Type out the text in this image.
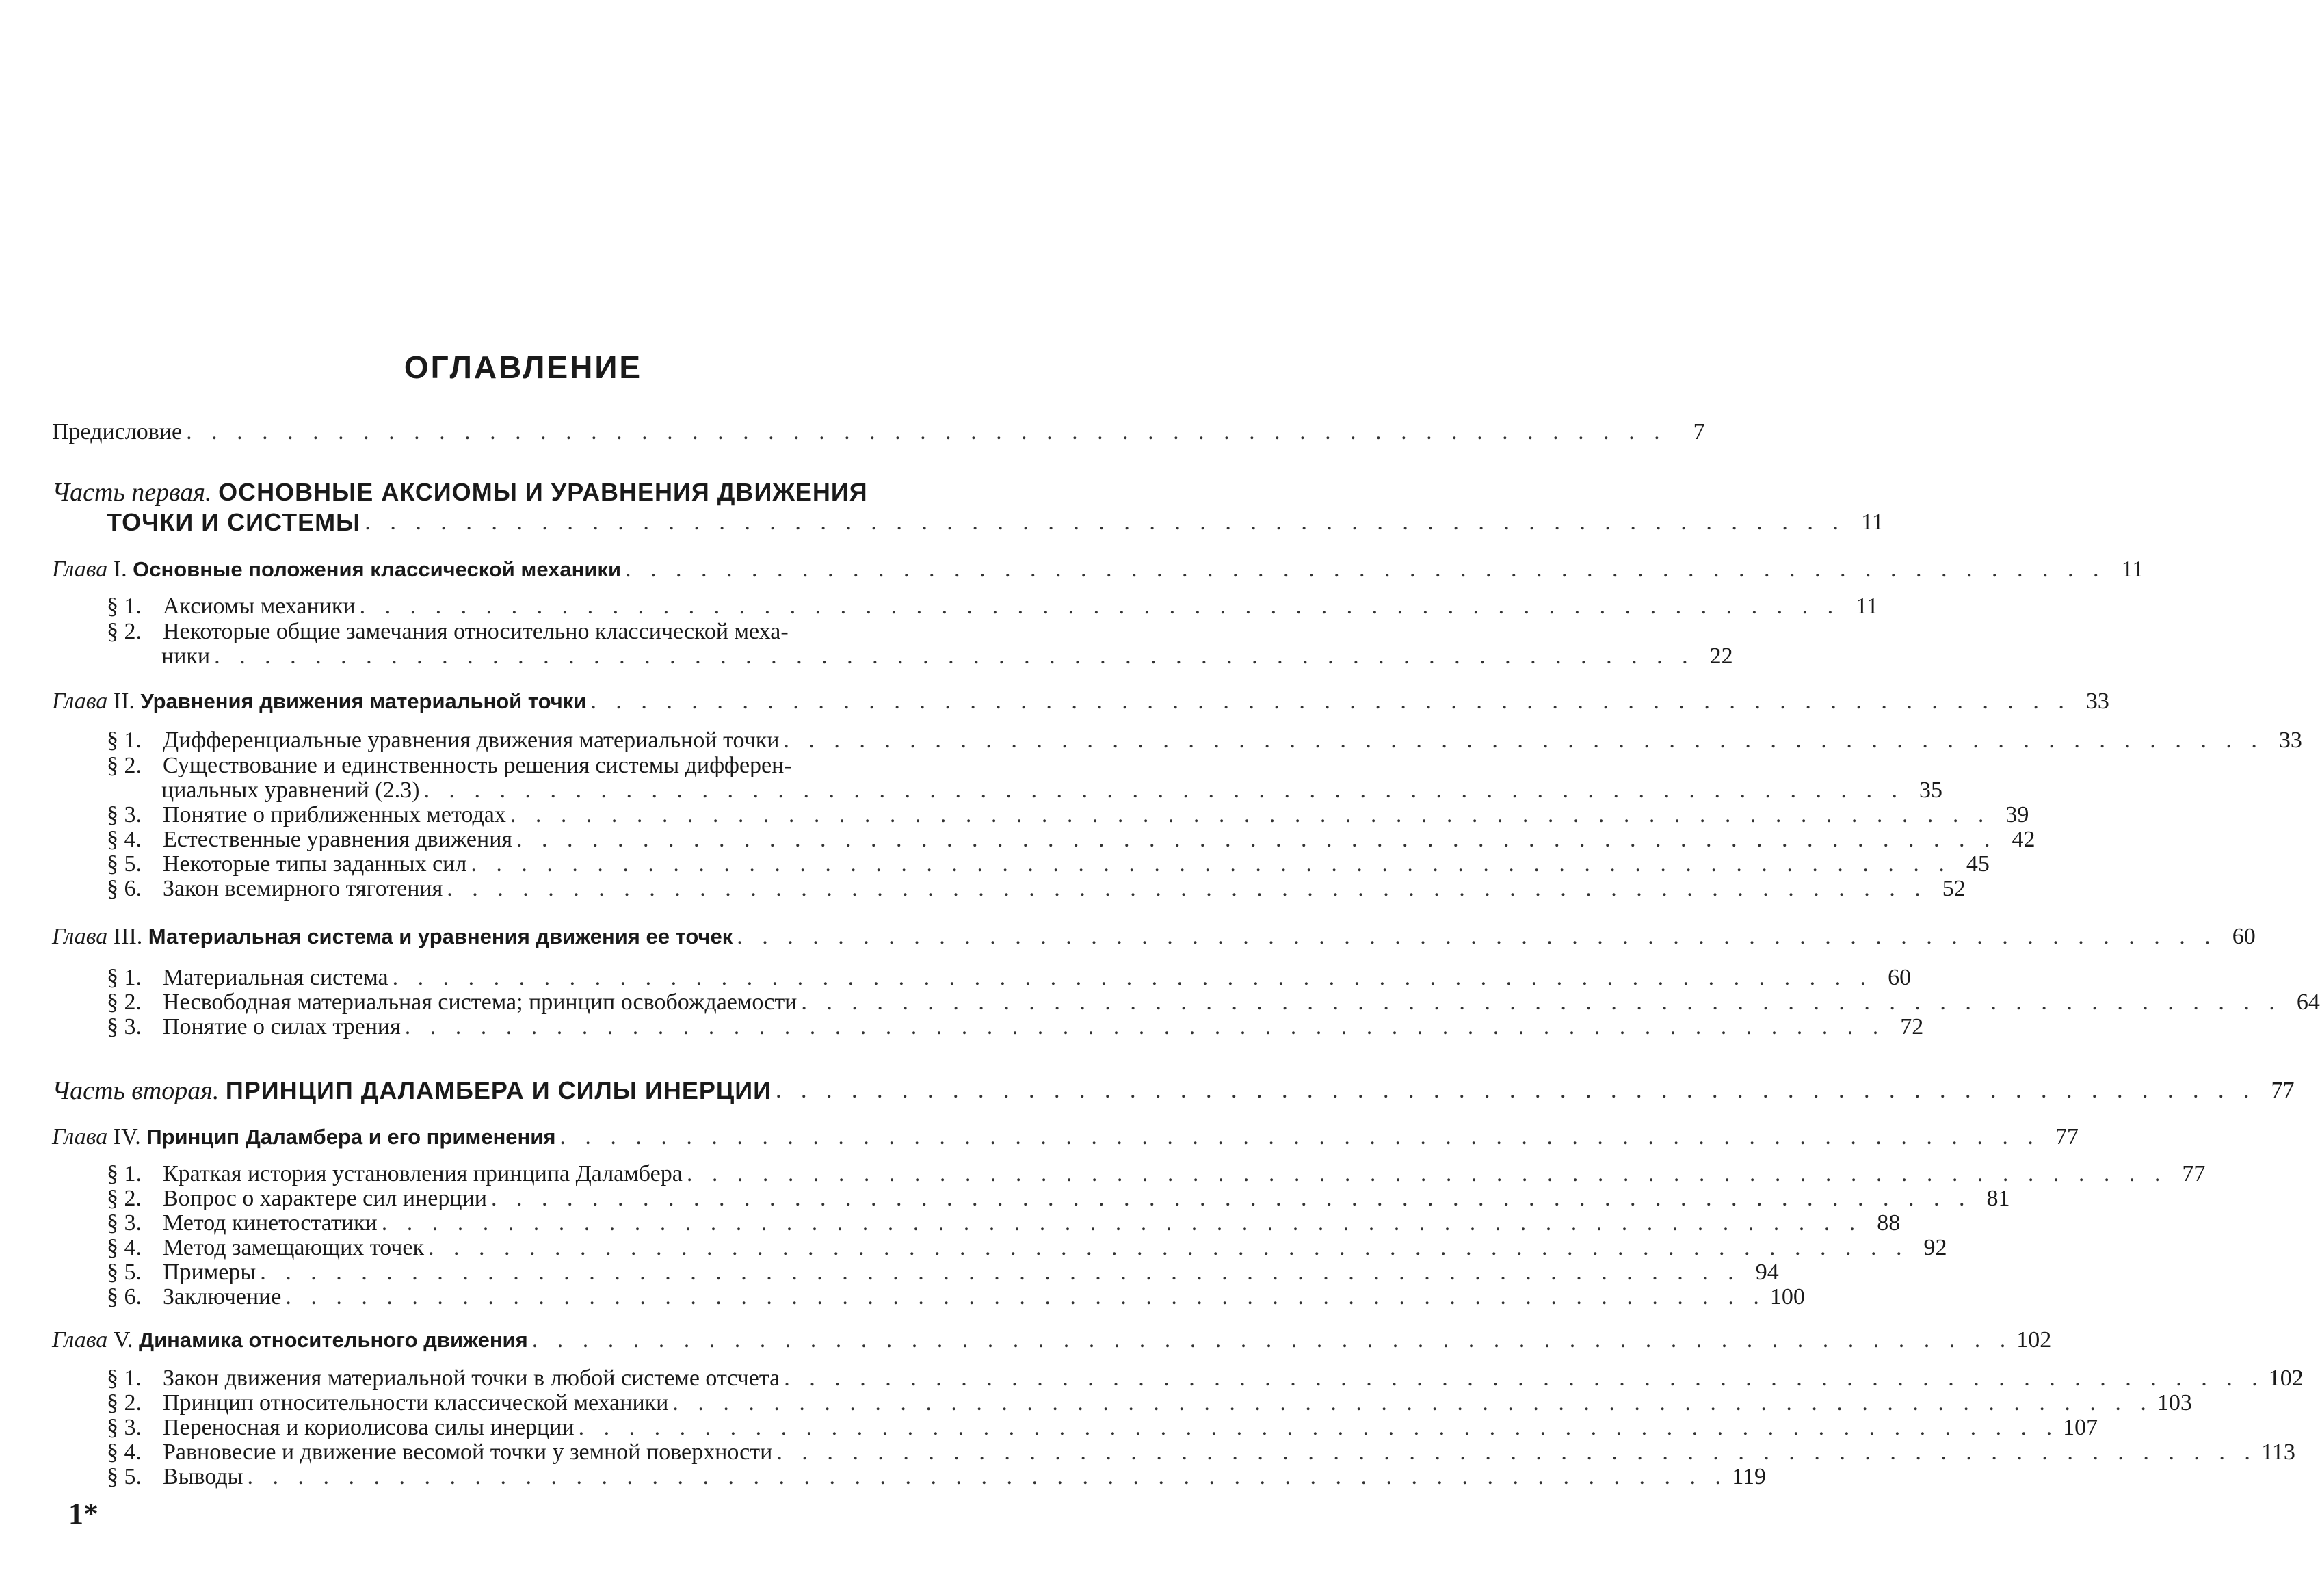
ОГЛАВЛЕНИЕ
Предисловие . . . . . . . . . . . . . . . . . . . . . . . . . . . . . . . . . . . . . . . . . . . . . . . . . . . . . . . . . . .	7
Часть первая. ОСНОВНЫЕ АКСИОМЫ И УРАВНЕНИЯ ДВИЖЕНИЯ
ТОЧКИ И СИСТЕМЫ . . . . . . . . . . . . . . . . . . . . . . . . . . . . . . . . . . . . . . . . . . . . . . . . . . . . . . . . . . . 11
Глава I. Основные положения классической механики . . . . . . . . . . . . . . . . . . . . . . . . . . . . . . . . . . . . . . . . . . . . . . . . . . . . . . . . . . . 11
§ 1. Аксиомы механики . . . . . . . . . . . . . . . . . . . . . . . . . . . . . . . . . . . . . . . . . . . . . . . . . . . . . . . . . . . 11
§ 2. Некоторые общие замечания относительно классической меха-
ники . . . . . . . . . . . . . . . . . . . . . . . . . . . . . . . . . . . . . . . . . . . . . . . . . . . . . . . . . . . 22
Глава II. Уравнения движения материальной точки . . . . . . . . . . . . . . . . . . . . . . . . . . . . . . . . . . . . . . . . . . . . . . . . . . . . . . . . . . . 33
§ 1. Дифференциальные уравнения движения материальной точки . . . . . . . . . . . . . . . . . . . . . . . . . . . . . . . . . . . . . . . . . . . . . . . . . . . . . . . . . . . 33
§ 2. Существование и единственность решения системы дифферен-
циальных уравнений (2.3) . . . . . . . . . . . . . . . . . . . . . . . . . . . . . . . . . . . . . . . . . . . . . . . . . . . . . . . . . . . 35
§ 3. Понятие о приближенных методах . . . . . . . . . . . . . . . . . . . . . . . . . . . . . . . . . . . . . . . . . . . . . . . . . . . . . . . . . . . 39
§ 4. Естественные уравнения движения . . . . . . . . . . . . . . . . . . . . . . . . . . . . . . . . . . . . . . . . . . . . . . . . . . . . . . . . . . . 42
§ 5. Некоторые типы заданных сил . . . . . . . . . . . . . . . . . . . . . . . . . . . . . . . . . . . . . . . . . . . . . . . . . . . . . . . . . . . 45
§ 6. Закон всемирного тяготения . . . . . . . . . . . . . . . . . . . . . . . . . . . . . . . . . . . . . . . . . . . . . . . . . . . . . . . . . . . 52
Глава III. Материальная система и уравнения движения ее точек . . . . . . . . . . . . . . . . . . . . . . . . . . . . . . . . . . . . . . . . . . . . . . . . . . . . . . . . . . . 60
§ 1. Материальная система . . . . . . . . . . . . . . . . . . . . . . . . . . . . . . . . . . . . . . . . . . . . . . . . . . . . . . . . . . . 60
§ 2. Несвободная материальная система; принцип освобождаемости . . . . . . . . . . . . . . . . . . . . . . . . . . . . . . . . . . . . . . . . . . . . . . . . . . . . . . . . . . . 64
§ 3. Понятие о силах трения . . . . . . . . . . . . . . . . . . . . . . . . . . . . . . . . . . . . . . . . . . . . . . . . . . . . . . . . . . . 72
Часть вторая. ПРИНЦИП ДАЛАМБЕРА И СИЛЫ ИНЕРЦИИ . . . . . . . . . . . . . . . . . . . . . . . . . . . . . . . . . . . . . . . . . . . . . . . . . . . . . . . . . . . 77
Глава IV. Принцип Даламбера и его применения . . . . . . . . . . . . . . . . . . . . . . . . . . . . . . . . . . . . . . . . . . . . . . . . . . . . . . . . . . . 77
§ 1. Краткая история установления принципа Даламбера . . . . . . . . . . . . . . . . . . . . . . . . . . . . . . . . . . . . . . . . . . . . . . . . . . . . . . . . . . . 77
§ 2. Вопрос о характере сил инерции . . . . . . . . . . . . . . . . . . . . . . . . . . . . . . . . . . . . . . . . . . . . . . . . . . . . . . . . . . . 81
§ 3. Метод кинетостатики . . . . . . . . . . . . . . . . . . . . . . . . . . . . . . . . . . . . . . . . . . . . . . . . . . . . . . . . . . . 88
§ 4. Метод замещающих точек . . . . . . . . . . . . . . . . . . . . . . . . . . . . . . . . . . . . . . . . . . . . . . . . . . . . . . . . . . . 92
§ 5. Примеры . . . . . . . . . . . . . . . . . . . . . . . . . . . . . . . . . . . . . . . . . . . . . . . . . . . . . . . . . . . 94
§ 6. Заключение . . . . . . . . . . . . . . . . . . . . . . . . . . . . . . . . . . . . . . . . . . . . . . . . . . . . . . . . . . . 100
Глава V. Динамика относительного движения . . . . . . . . . . . . . . . . . . . . . . . . . . . . . . . . . . . . . . . . . . . . . . . . . . . . . . . . . . . 102
§ 1. Закон движения материальной точки в любой системе отсчета . . . . . . . . . . . . . . . . . . . . . . . . . . . . . . . . . . . . . . . . . . . . . . . . . . . . . . . . . . . 102
§ 2. Принцип относительности классической механики . . . . . . . . . . . . . . . . . . . . . . . . . . . . . . . . . . . . . . . . . . . . . . . . . . . . . . . . . . . 103
§ 3. Переносная и кориолисова силы инерции . . . . . . . . . . . . . . . . . . . . . . . . . . . . . . . . . . . . . . . . . . . . . . . . . . . . . . . . . . . 107
§ 4. Равновесие и движение весомой точки у земной поверхности . . . . . . . . . . . . . . . . . . . . . . . . . . . . . . . . . . . . . . . . . . . . . . . . . . . . . . . . . . . 113
§ 5. Выводы . . . . . . . . . . . . . . . . . . . . . . . . . . . . . . . . . . . . . . . . . . . . . . . . . . . . . . . . . . . 119
1*
